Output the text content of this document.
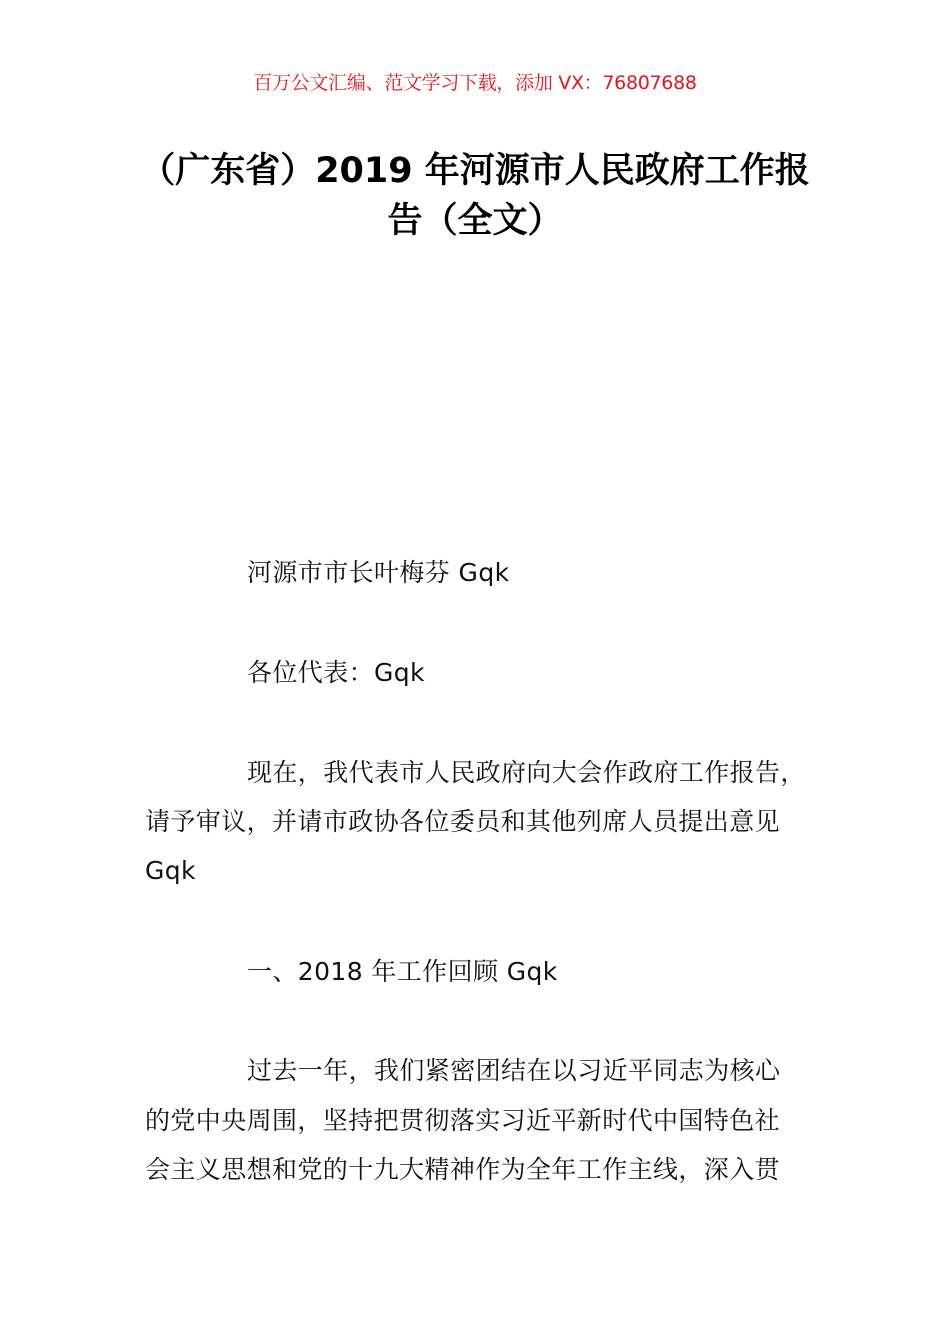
百万公文汇编、范文学习下载，添加 VX：76807688
（广东省）2019 年河源市人民政府工作报
告（全文）
河源市市长叶梅芬 Gqk
各位代表：Gqk
现在，我代表市人民政府向大会作政府工作报告，
请予审议，并请市政协各位委员和其他列席人员提出意见
Gqk
一、2018 年工作回顾 Gqk
过去一年，我们紧密团结在以习近平同志为核心
的党中央周围，坚持把贯彻落实习近平新时代中国特色社
会主义思想和党的十九大精神作为全年工作主线，深入贯
